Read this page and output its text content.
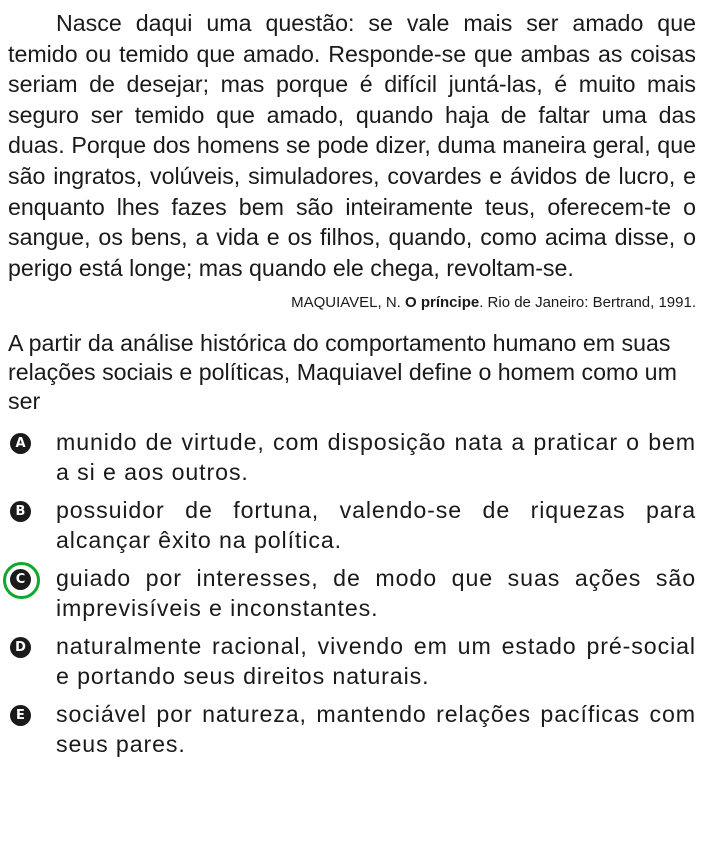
Nasce daqui uma questão: se vale mais ser amado que temido ou temido que amado. Responde-se que ambas as coisas seriam de desejar; mas porque é difícil juntá-las, é muito mais seguro ser temido que amado, quando haja de faltar uma das duas. Porque dos homens se pode dizer, duma maneira geral, que são ingratos, volúveis, simuladores, covardes e ávidos de lucro, e enquanto lhes fazes bem são inteiramente teus, oferecem-te o sangue, os bens, a vida e os filhos, quando, como acima disse, o perigo está longe; mas quando ele chega, revoltam-se.

MAQUIAVEL, N. O príncipe. Rio de Janeiro: Bertrand, 1991.

A partir da análise histórica do comportamento humano em suas relações sociais e políticas, Maquiavel define o homem como um ser

A munido de virtude, com disposição nata a praticar o bem a si e aos outros.
B possuidor de fortuna, valendo-se de riquezas para alcançar êxito na política.
C guiado por interesses, de modo que suas ações são imprevisíveis e inconstantes.
D naturalmente racional, vivendo em um estado pré-social e portando seus direitos naturais.
E sociável por natureza, mantendo relações pacíficas com seus pares.
